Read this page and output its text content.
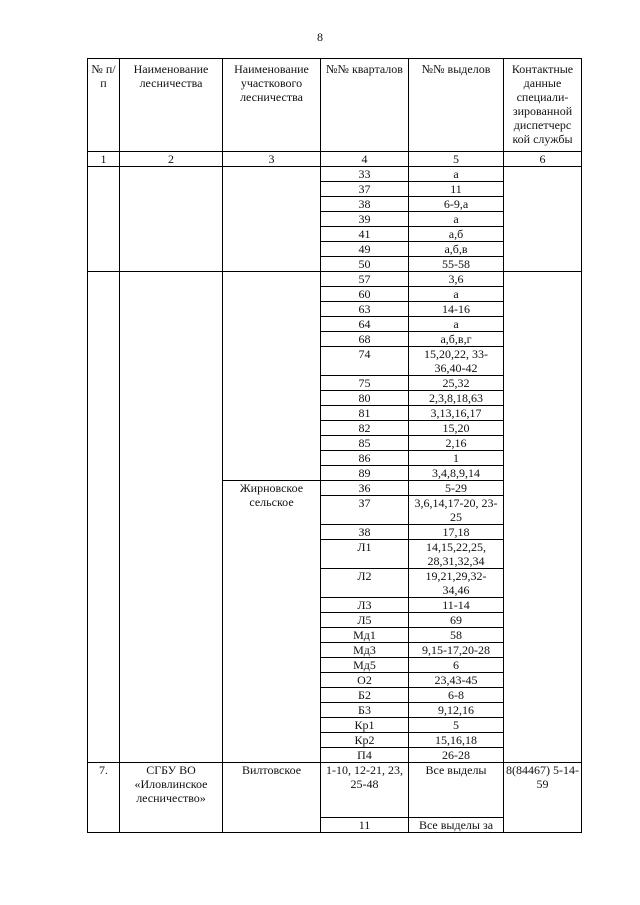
8
№ п/п	Наименование лесничества	Наименование участкового лесничества	№№ кварталов	№№ выделов	Контактные данные специали-зированной диспетчерс кой службы
1	2	3	4	5	6
			33	а	
			37	11	
			38	6-9,а	
			39	а	
			41	а,б	
			49	а,б,в	
			50	55-58	
			57	3,6	
			60	а	
			63	14-16	
			64	а	
			68	а,б,в,г	
			74	15,20,22, 33-36,40-42	
			75	25,32	
			80	2,3,8,18,63	
			81	3,13,16,17	
			82	15,20	
			85	2,16	
			86	1	
			89	3,4,8,9,14	
		Жирновское сельское	З6	5-29	
			З7	3,6,14,17-20, 23-25	
			З8	17,18	
			Л1	14,15,22,25, 28,31,32,34	
			Л2	19,21,29,32- 34,46	
			Л3	11-14	
			Л5	69	
			Мд1	58	
			Мд3	9,15-17,20-28	
			Мд5	6	
			О2	23,43-45	
			Б2	6-8	
			Б3	9,12,16	
			Кр1	5	
			Кр2	15,16,18	
			П4	26-28	
7.	СГБУ ВО «Иловлинское лесничество»	Вилтовское	1-10, 12-21, 23, 25-48	Все выделы	8(84467) 5-14-59
			11	Все выделы за	
